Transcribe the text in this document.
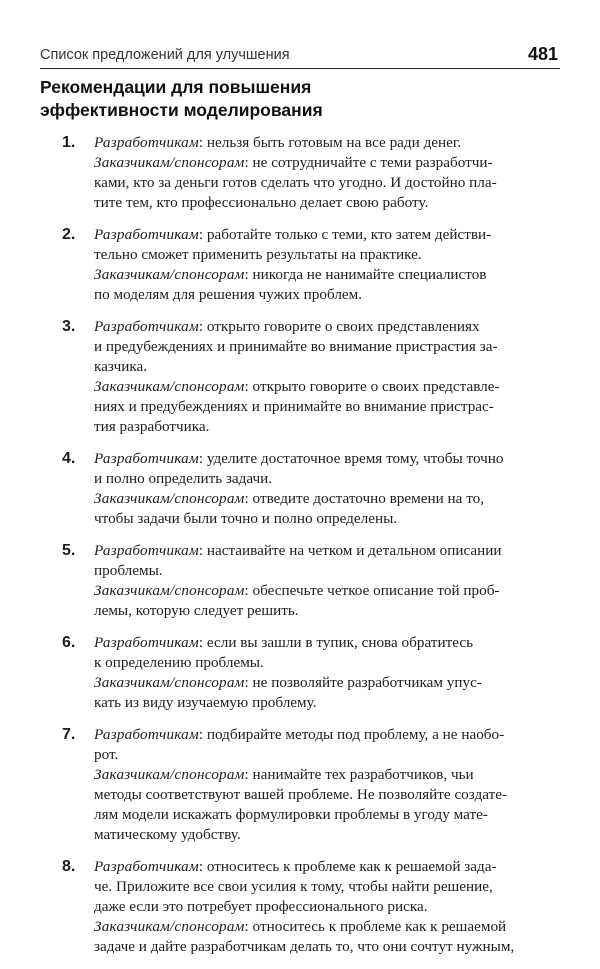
Список предложений для улучшения	481
Рекомендации для повышения
эффективности моделирования
1. Разработчикам: нельзя быть готовым на все ради денег.
Заказчикам/спонсорам: не сотрудничайте с теми разработчи-
ками, кто за деньги готов сделать что угодно. И достойно пла-
тите тем, кто профессионально делает свою работу.
2. Разработчикам: работайте только с теми, кто затем действи-
тельно сможет применить результаты на практике.
Заказчикам/спонсорам: никогда не нанимайте специалистов
по моделям для решения чужих проблем.
3. Разработчикам: открыто говорите о своих представлениях
и предубеждениях и принимайте во внимание пристрастия за-
казчика.
Заказчикам/спонсорам: открыто говорите о своих представле-
ниях и предубеждениях и принимайте во внимание пристрас-
тия разработчика.
4. Разработчикам: уделите достаточное время тому, чтобы точно
и полно определить задачи.
Заказчикам/спонсорам: отведите достаточно времени на то,
чтобы задачи были точно и полно определены.
5. Разработчикам: настаивайте на четком и детальном описании
проблемы.
Заказчикам/спонсорам: обеспечьте четкое описание той проб-
лемы, которую следует решить.
6. Разработчикам: если вы зашли в тупик, снова обратитесь
к определению проблемы.
Заказчикам/спонсорам: не позволяйте разработчикам упус-
кать из виду изучаемую проблему.
7. Разработчикам: подбирайте методы под проблему, а не наобо-
рот.
Заказчикам/спонсорам: нанимайте тех разработчиков, чьи
методы соответствуют вашей проблеме. Не позволяйте создате-
лям модели искажать формулировки проблемы в угоду мате-
матическому удобству.
8. Разработчикам: относитесь к проблеме как к решаемой зада-
че. Приложите все свои усилия к тому, чтобы найти решение,
даже если это потребует профессионального риска.
Заказчикам/спонсорам: относитесь к проблеме как к решаемой
задаче и дайте разработчикам делать то, что они сочтут нужным,
